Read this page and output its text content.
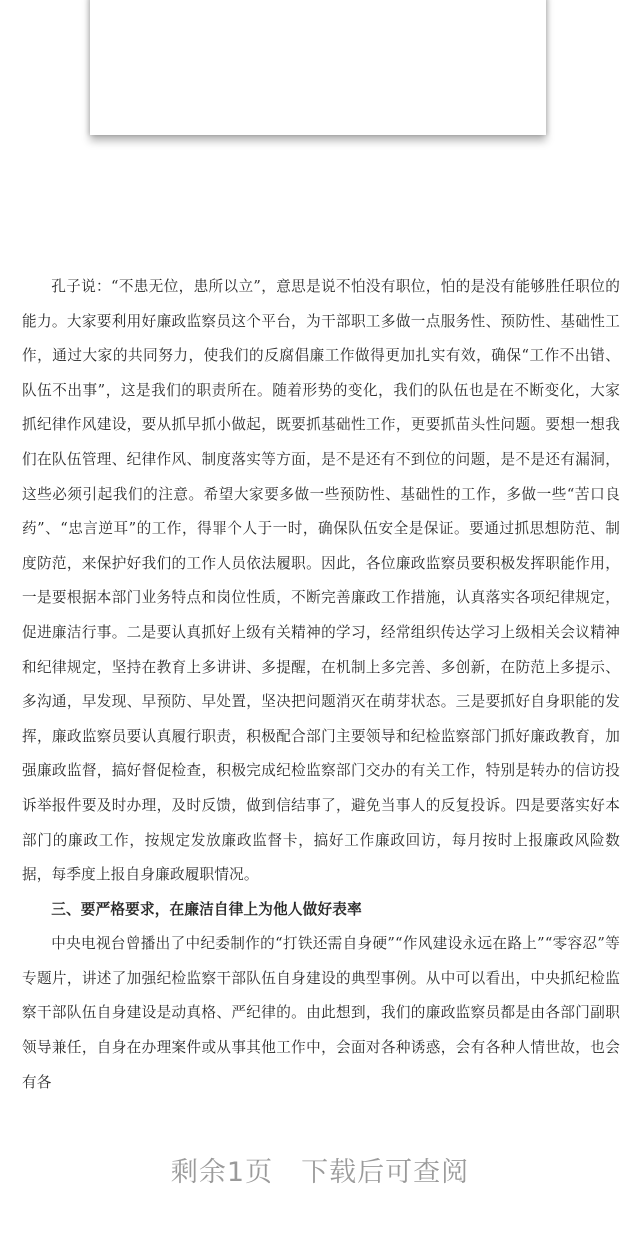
孔子说：“不患无位，患所以立”，意思是说不怕没有职位，怕的是没有能够胜任职位的能力。大家要利用好廉政监察员这个平台，为干部职工多做一点服务性、预防性、基础性工作，通过大家的共同努力，使我们的反腐倡廉工作做得更加扎实有效，确保“工作不出错、队伍不出事”，这是我们的职责所在。随着形势的变化，我们的队伍也是在不断变化，大家抓纪律作风建设，要从抓早抓小做起，既要抓基础性工作，更要抓苗头性问题。要想一想我们在队伍管理、纪律作风、制度落实等方面，是不是还有不到位的问题，是不是还有漏洞，这些必须引起我们的注意。希望大家要多做一些预防性、基础性的工作，多做一些“苦口良药”、“忠言逆耳”的工作，得罪个人于一时，确保队伍安全是保证。要通过抓思想防范、制度防范，来保护好我们的工作人员依法履职。因此，各位廉政监察员要积极发挥职能作用，一是要根据本部门业务特点和岗位性质，不断完善廉政工作措施，认真落实各项纪律规定，促进廉洁行事。二是要认真抓好上级有关精神的学习，经常组织传达学习上级相关会议精神和纪律规定，坚持在教育上多讲讲、多提醒，在机制上多完善、多创新，在防范上多提示、多沟通，早发现、早预防、早处置，坚决把问题消灭在萌芽状态。三是要抓好自身职能的发挥，廉政监察员要认真履行职责，积极配合部门主要领导和纪检监察部门抓好廉政教育，加强廉政监督，搞好督促检查，积极完成纪检监察部门交办的有关工作，特别是转办的信访投诉举报件要及时办理，及时反馈，做到信结事了，避免当事人的反复投诉。四是要落实好本部门的廉政工作，按规定发放廉政监督卡，搞好工作廉政回访，每月按时上报廉政风险数据，每季度上报自身廉政履职情况。

三、要严格要求，在廉洁自律上为他人做好表率

中央电视台曾播出了中纪委制作的“打铁还需自身硬”“作风建设永远在路上”“零容忍”等专题片，讲述了加强纪检监察干部队伍自身建设的典型事例。从中可以看出，中央抓纪检监察干部队伍自身建设是动真格、严纪律的。由此想到，我们的廉政监察员都是由各部门副职领导兼任，自身在办理案件或从事其他工作中，会面对各种诱惑，会有各种人情世故，也会有各

剩余1页 下载后可查阅
